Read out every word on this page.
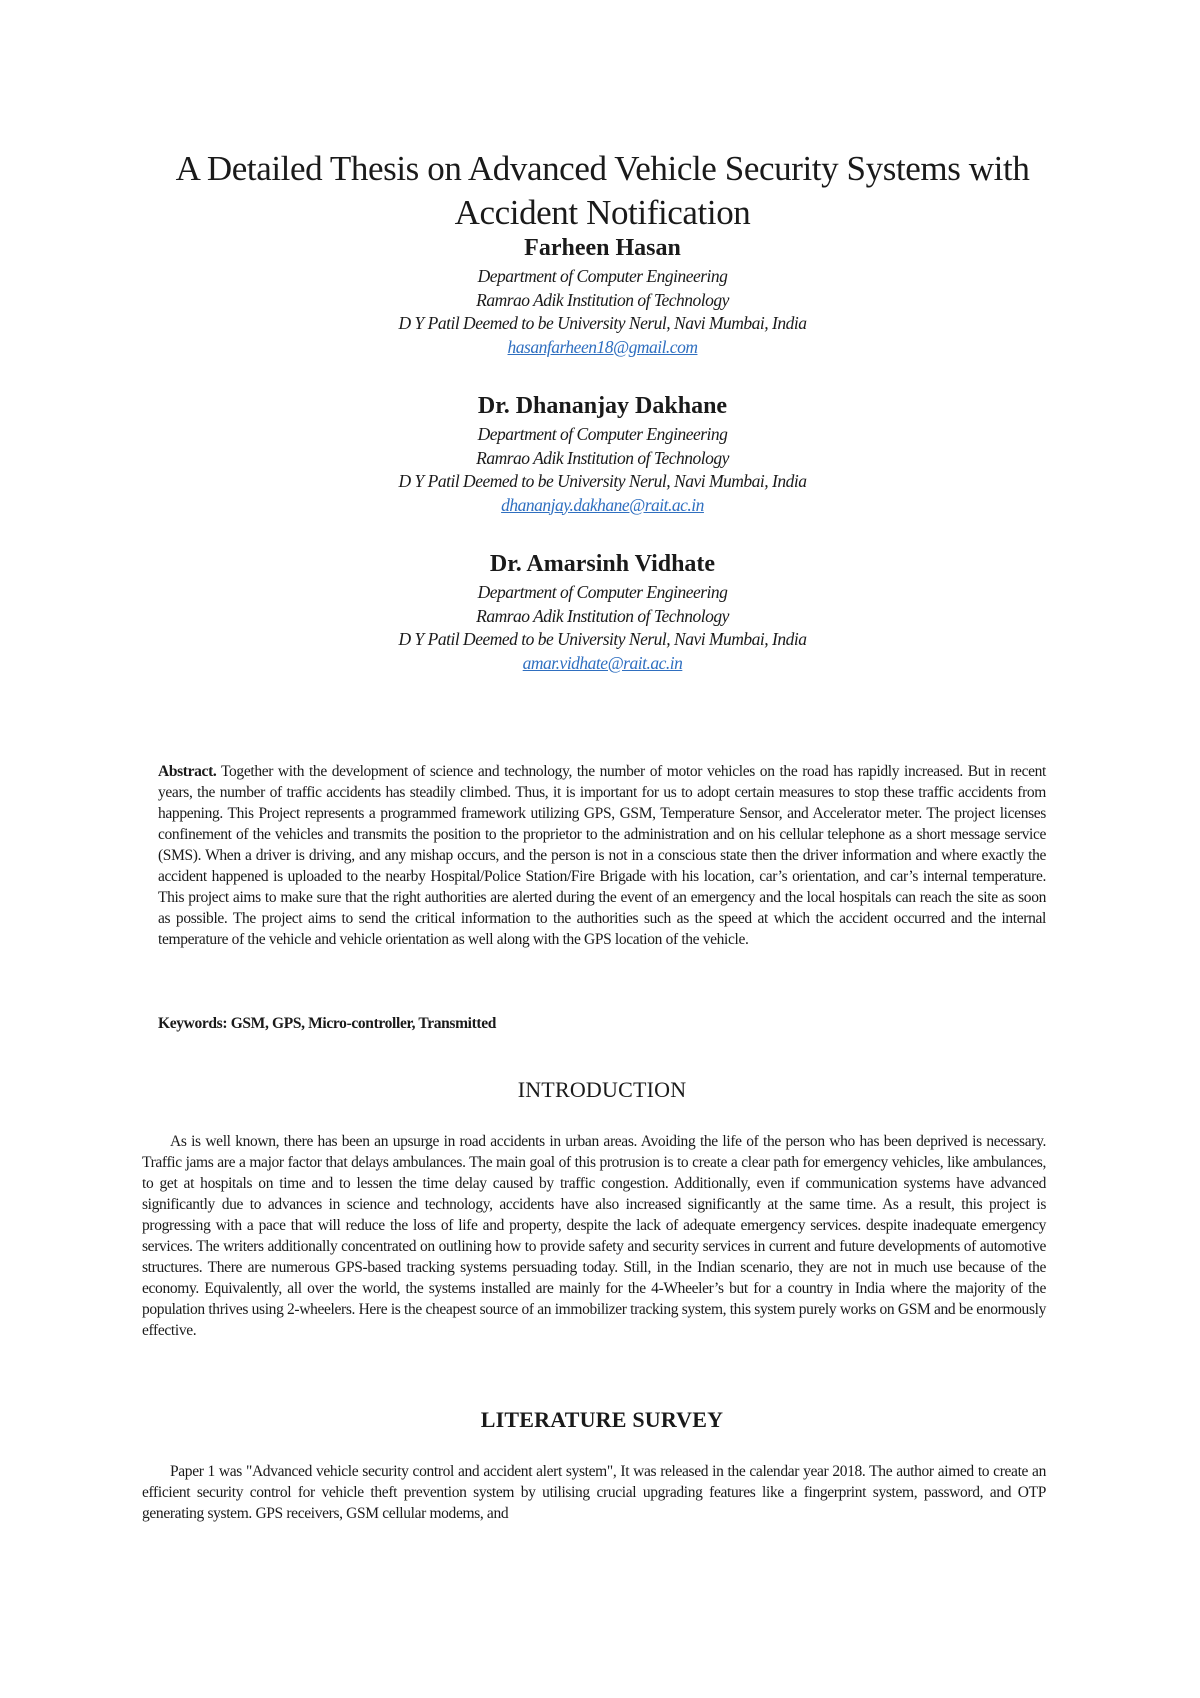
A Detailed Thesis on Advanced Vehicle Security Systems with Accident Notification
Farheen Hasan
Department of Computer Engineering
Ramrao Adik Institution of Technology
D Y Patil Deemed to be University Nerul, Navi Mumbai, India
hasanfarheen18@gmail.com
Dr. Dhananjay Dakhane
Department of Computer Engineering
Ramrao Adik Institution of Technology
D Y Patil Deemed to be University Nerul, Navi Mumbai, India
dhananjay.dakhane@rait.ac.in
Dr. Amarsinh Vidhate
Department of Computer Engineering
Ramrao Adik Institution of Technology
D Y Patil Deemed to be University Nerul, Navi Mumbai, India
amar.vidhate@rait.ac.in

Abstract. Together with the development of science and technology, the number of motor vehicles on the road has rapidly increased. But in recent years, the number of traffic accidents has steadily climbed. Thus, it is important for us to adopt certain measures to stop these traffic accidents from happening. This Project represents a programmed framework utilizing GPS, GSM, Temperature Sensor, and Accelerator meter. The project licenses confinement of the vehicles and transmits the position to the proprietor to the administration and on his cellular telephone as a short message service (SMS). When a driver is driving, and any mishap occurs, and the person is not in a conscious state then the driver information and where exactly the accident happened is uploaded to the nearby Hospital/Police Station/Fire Brigade with his location, car’s orientation, and car’s internal temperature. This project aims to make sure that the right authorities are alerted during the event of an emergency and the local hospitals can reach the site as soon as possible. The project aims to send the critical information to the authorities such as the speed at which the accident occurred and the internal temperature of the vehicle and vehicle orientation as well along with the GPS location of the vehicle.

Keywords: GSM, GPS, Micro-controller, Transmitted

INTRODUCTION

As is well known, there has been an upsurge in road accidents in urban areas. Avoiding the life of the person who has been deprived is necessary. Traffic jams are a major factor that delays ambulances. The main goal of this protrusion is to create a clear path for emergency vehicles, like ambulances, to get at hospitals on time and to lessen the time delay caused by traffic congestion. Additionally, even if communication systems have advanced significantly due to advances in science and technology, accidents have also increased significantly at the same time. As a result, this project is progressing with a pace that will reduce the loss of life and property, despite the lack of adequate emergency services. despite inadequate emergency services. The writers additionally concentrated on outlining how to provide safety and security services in current and future developments of automotive structures. There are numerous GPS-based tracking systems persuading today. Still, in the Indian scenario, they are not in much use because of the economy. Equivalently, all over the world, the systems installed are mainly for the 4-Wheeler’s but for a country in India where the majority of the population thrives using 2-wheelers. Here is the cheapest source of an immobilizer tracking system, this system purely works on GSM and be enormously effective.

LITERATURE SURVEY

Paper 1 was "Advanced vehicle security control and accident alert system", It was released in the calendar year 2018. The author aimed to create an efficient security control for vehicle theft prevention system by utilising crucial upgrading features like a fingerprint system, password, and OTP generating system. GPS receivers, GSM cellular modems, and
